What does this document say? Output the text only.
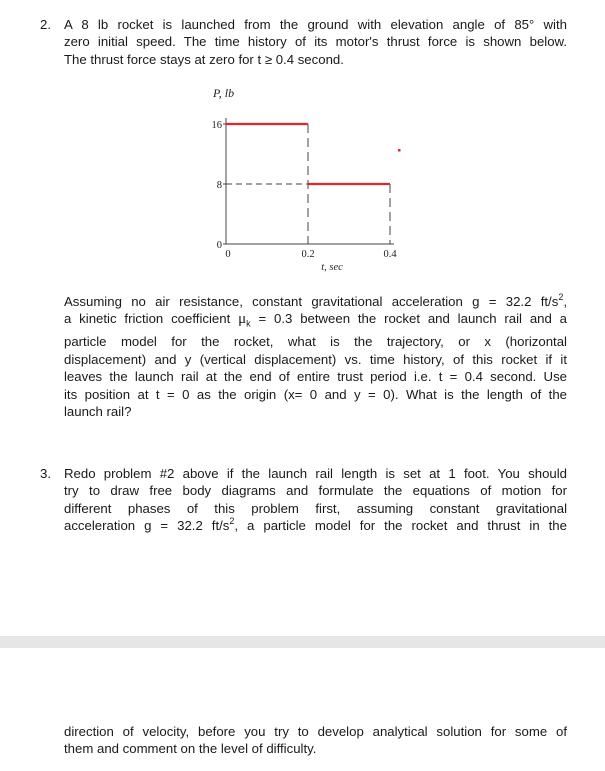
2. A 8 lb rocket is launched from the ground with elevation angle of 85° with
zero initial speed. The time history of its motor's thrust force is shown below.
The thrust force stays at zero for t ≥ 0.4 second.
P, lb
16
8
0
0	0.2	0.4
t, sec
Assuming no air resistance, constant gravitational acceleration g = 32.2 $ft/s^2$,
a kinetic friction coefficient $\mu_k = 0.3$ between the rocket and launch rail and a
particle model for the rocket, what is the trajectory, or x (horizontal
displacement) and y (vertical displacement) vs. time history, of this rocket if it
leaves the launch rail at the end of entire trust period i.e. t = 0.4 second. Use
its position at t = 0 as the origin (x= 0 and y = 0). What is the length of the
launch rail?
3. Redo problem #2 above if the launch rail length is set at 1 foot. You should
try to draw free body diagrams and formulate the equations of motion for
different phases of this problem first, assuming constant gravitational
acceleration g = 32.2 $ft/s^2$, a particle model for the rocket and thrust in the
direction of velocity, before you try to develop analytical solution for some of
them and comment on the level of difficulty.
